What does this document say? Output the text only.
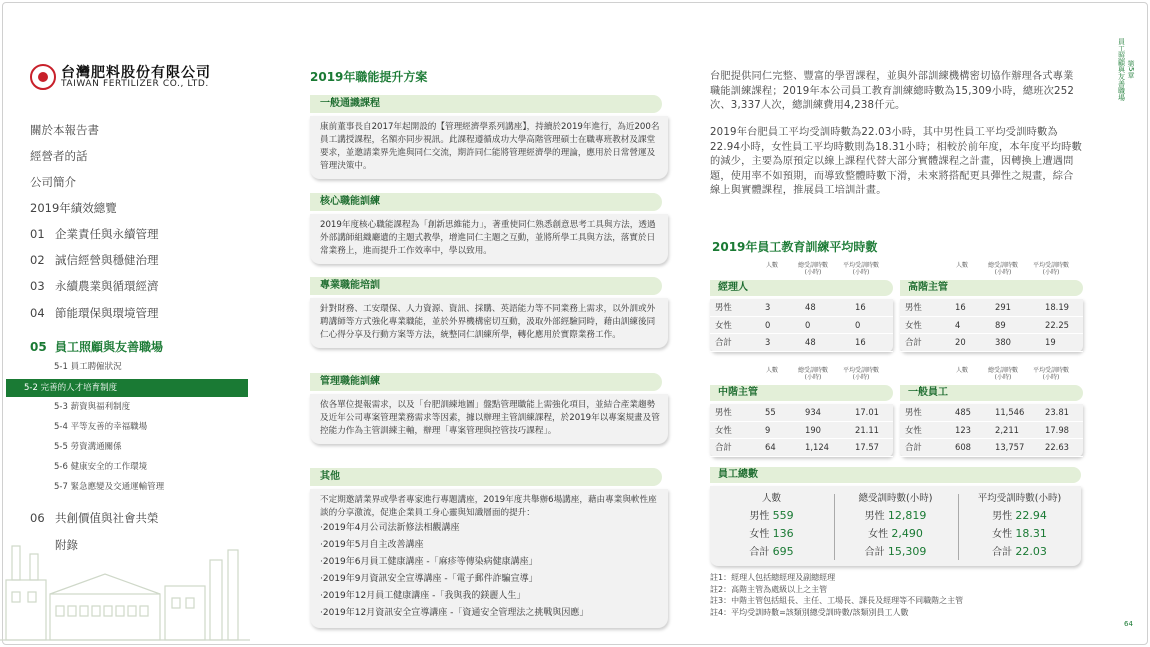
台灣肥料股份有限公司
TAIWAN FERTILIZER CO., LTD.
關於本報告書
經營者的話
公司簡介
2019年績效總覽
01 企業責任與永續管理
02 誠信經營與穩健治理
03 永續農業與循環經濟
04 節能環保與環境管理
05 員工照顧與友善職場
5-1 員工聘僱狀況
5-2 完善的人才培育制度
5-3 薪資與福利制度
5-4 平等友善的幸福職場
5-5 勞資溝通關係
5-6 健康安全的工作環境
5-7 緊急應變及交通運輸管理
06 共創價值與社會共榮
附錄
2019年職能提升方案
一般通識課程

康前董事長自2017年起開設的【管理經濟學系列講座】，持續於2019年進行，為近200名員工講授課程，名額亦同步視訊。此課程遵循成功大學高階管理碩士在職專班教材及課堂要求，並邀請業界先進與同仁交流，期許同仁能將管理經濟學的理論，應用於日常營運及管理決策中。

核心職能訓練

2019年度核心職能課程為「創新思維能力」，著重使同仁熟悉創意思考工具與方法，透過外部講師組織廳遺的主題式教學，增進同仁主題之互動，並將所學工具與方法，落實於日常業務上，進而提升工作效率中，學以致用。

專業職能培訓

針對財務、工安環保、人力資源、資訊、採購、英語能力等不同業務上需求，以外訓或外聘講師等方式強化專業職能，並於外界機構密切互動，汲取外部經驗同時，藉由訓練後同仁心得分享及行動方案等方法，統整同仁訓練所學，轉化應用於實際業務工作。

管理職能訓練

依各單位提報需求，以及「台肥訓練地圖」盤點管理職能上需強化項目，並結合產業趨勢及近年公司專案管理業務需求等因素，據以辦理主管訓練課程，於2019年以專案規畫及管控能力作為主管訓練主軸，辦理「專案管理與控管技巧課程」。

其他

不定期邀請業界或學者專家進行專題講座，2019年度共舉辦6場講座，藉由專業與軟性座談的分享激流，促進企業員工身心靈與知識層面的提升：

‧2019年4月公司法新修法相觀講座
‧2019年5月自主改善講座
‧2019年6月員工健康講座 -「麻疹等傳染病健康講座」
‧2019年9月資訊安全宣導講座 -「電子郵件詐騙宣導」
‧2019年12月員工健康講座 -「我與我的鎂麗人生」
‧2019年12月資訊安全宣導講座 -「資通安全管理法之挑戰與因應」
台肥提供同仁完整、豐富的學習課程，並與外部訓練機構密切協作辦理各式專業職能訓練課程；2019年本公司員工教育訓練總時數為15,309小時，總班次252次、3,337人次，總訓練費用4,238仟元。
2019年台肥員工平均受訓時數為22.03小時，其中男性員工平均受訓時數為22.94小時，女性員工平均時數則為18.31小時；相較於前年度，本年度平均時數的減少，主要為原預定以線上課程代替大部分實體課程之計畫，因轉換上遭遇問題，使用率不如預期，而導致整體時數下滑，未來將搭配更具彈性之規畫，綜合線上與實體課程，推展員工培訓計畫。
2019年員工教育訓練平均時數
人數	總受訓時數
(小時)
平均受訓時數
(小時)
經理人
男性	3	48	16
女性	0	0	0
合計	3	48	16
人數	總受訓時數
(小時)
平均受訓時數
(小時)
高階主管
男性	16	291	18.19
女性	4	89	22.25
合計	20	380	19
人數	總受訓時數
(小時)
平均受訓時數
(小時)
中階主管
男性	55	934	17.01
女性	9	190	21.11
合計	64	1,124	17.57
人數	總受訓時數
(小時)
平均受訓時數
(小時)
一般員工
男性	485	11,546 23.81
女性	123	2,211	17.98
合計	608	13,757 22.63
員工總數
人數
男性 559
女性 136
合計 695
總受訓時數(小時)
男性 12,819
女性 2,490
合計 15,309
平均受訓時數(小時)
男性 22.94
女性 18.31
合計 22.03
註1：經理人包括總經理及副總經理
註2：高階主管為處級以上之主管
註3：中階主管包括組長、主任、工場長、課長及經理等不同職階之主管
註4：平均受訓時數=該類別總受訓時數/該類別員工人數
第5章
員工照顧與友善職場
64
